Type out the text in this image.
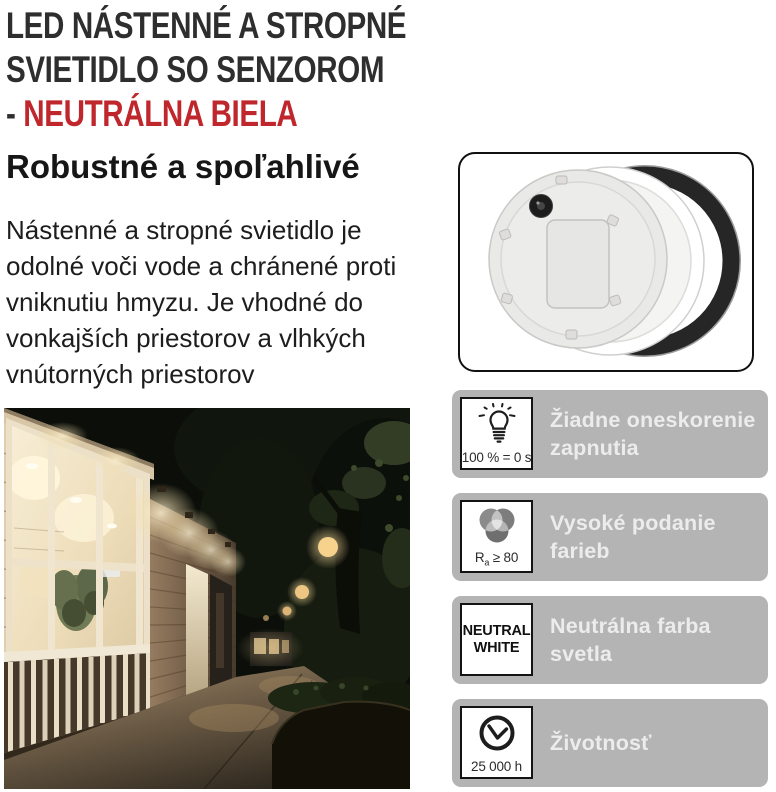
LED NÁSTENNÉ A STROPNÉ
SVIETIDLO SO SENZOROM
- NEUTRÁLNA BIELA
Robustné a spoľahlivé
Nástenné a stropné svietidlo je
odolné voči vode a chránené proti
vniknutiu hmyzu. Je vhodné do
vonkajších priestorov a vlhkých
vnútorných priestorov
Žiadne oneskorenie
zapnutia
100 % = 0 s
Vysoké podanie
farieb
$R_a \ge 80$
Neutrálna farba
svetla
NEUTRAL
WHITE
Životnosť
25 000 h
